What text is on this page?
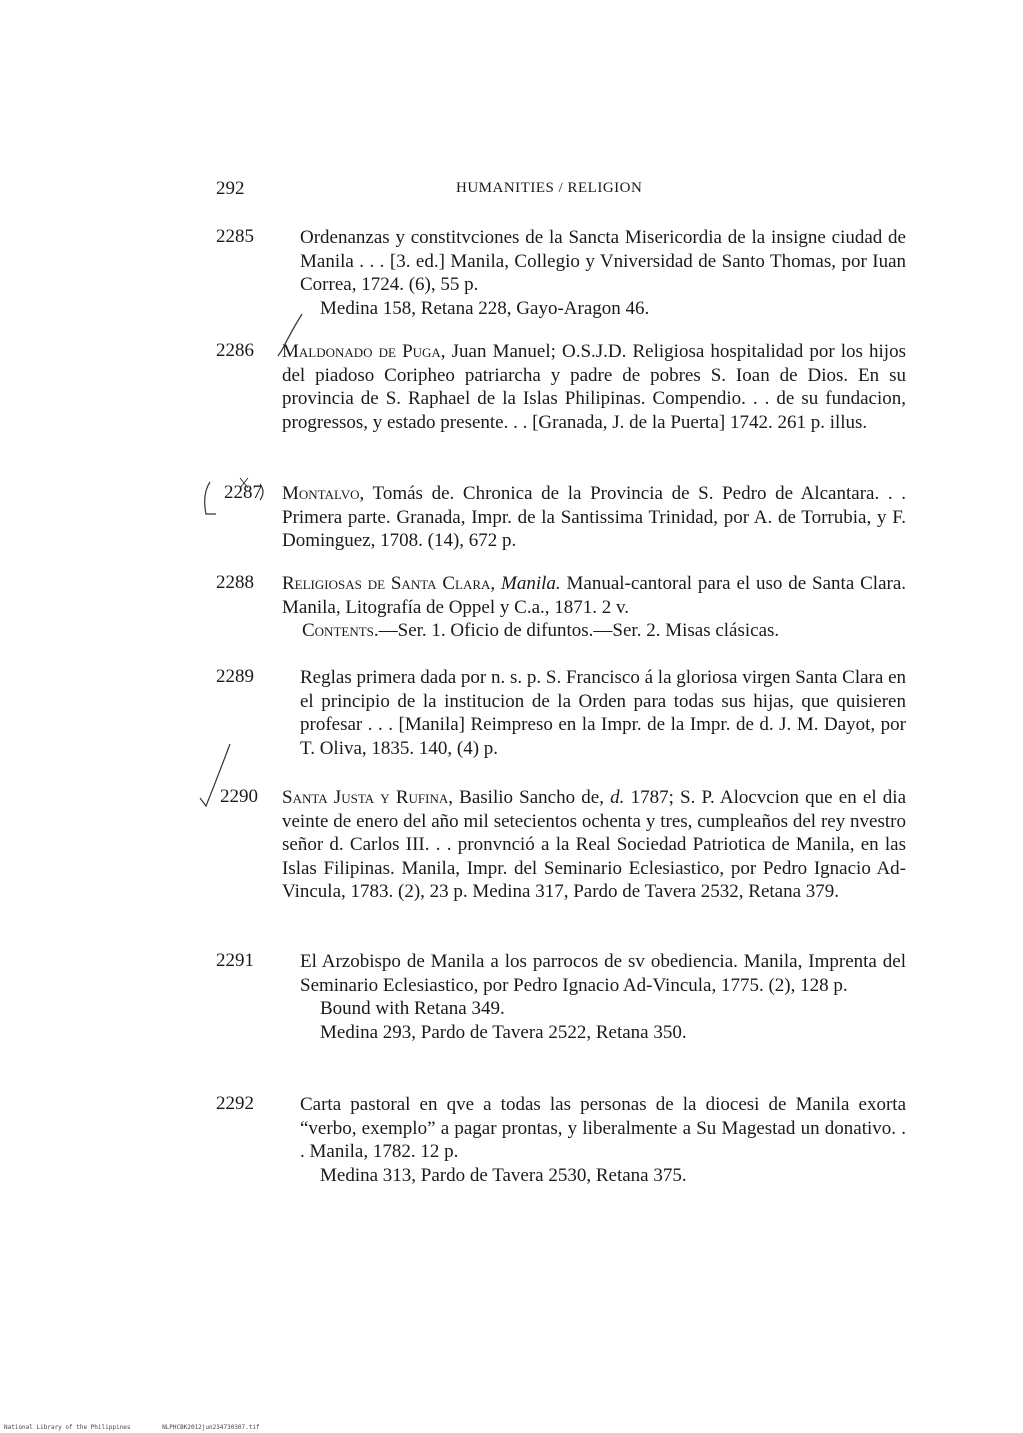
292	HUMANITIES / RELIGION
2285 Ordenanzas y constitvciones de la Sancta Misericordia de la insigne ciudad de Manila . . . [3. ed.] Manila, Collegio y Vniversidad de Santo Thomas, por Iuan Correa, 1724. (6), 55 p.
Medina 158, Retana 228, Gayo-Aragon 46.
2286 Maldonado de Puga, Juan Manuel; O.S.J.D. Religiosa hospitalidad por los hijos del piadoso Coripheo patriarcha y padre de pobres S. Ioan de Dios. En su provincia de S. Raphael de la Islas Philipinas. Compendio. . . de su fundacion, progressos, y estado presente. . . [Granada, J. de la Puerta] 1742. 261 p. illus.
2287 Montalvo, Tomás de. Chronica de la Provincia de S. Pedro de Alcantara. . . Primera parte. Granada, Impr. de la Santissima Trinidad, por A. de Torrubia, y F. Dominguez, 1708. (14), 672 p.
2288 Religiosas de Santa Clara, Manila. Manual-cantoral para el uso de Santa Clara. Manila, Litografía de Oppel y C.a., 1871. 2 v.
Contents.—Ser. 1. Oficio de difuntos.—Ser. 2. Misas clásicas.
2289 Reglas primera dada por n. s. p. S. Francisco á la gloriosa virgen Santa Clara en el principio de la institucion de la Orden para todas sus hijas, que quisieren profesar . . . [Manila] Reimpreso en la Impr. de la Impr. de d. J. M. Dayot, por T. Oliva, 1835. 140, (4) p.
2290 Santa Justa y Rufina, Basilio Sancho de, d. 1787; S. P. Alocvcion que en el dia veinte de enero del año mil setecientos ochenta y tres, cumpleaños del rey nvestro señor d. Carlos III. . . pronvnció a la Real Sociedad Patriotica de Manila, en las Islas Filipinas. Manila, Impr. del Seminario Eclesiastico, por Pedro Ignacio Ad-Vincula, 1783. (2), 23 p. Medina 317, Pardo de Tavera 2532, Retana 379.
2291 El Arzobispo de Manila a los parrocos de sv obediencia. Manila, Imprenta del Seminario Eclesiastico, por Pedro Ignacio Ad-Vincula, 1775. (2), 128 p.
Bound with Retana 349.
Medina 293, Pardo de Tavera 2522, Retana 350.
2292 Carta pastoral en qve a todas las personas de la diocesi de Manila exorta “verbo, exemplo” a pagar prontas, y liberalmente a Su Magestad un donativo. . . Manila, 1782. 12 p.
Medina 313, Pardo de Tavera 2530, Retana 375.
National Library of the Philippines	NLPHCBK2012jun234730307.tif
